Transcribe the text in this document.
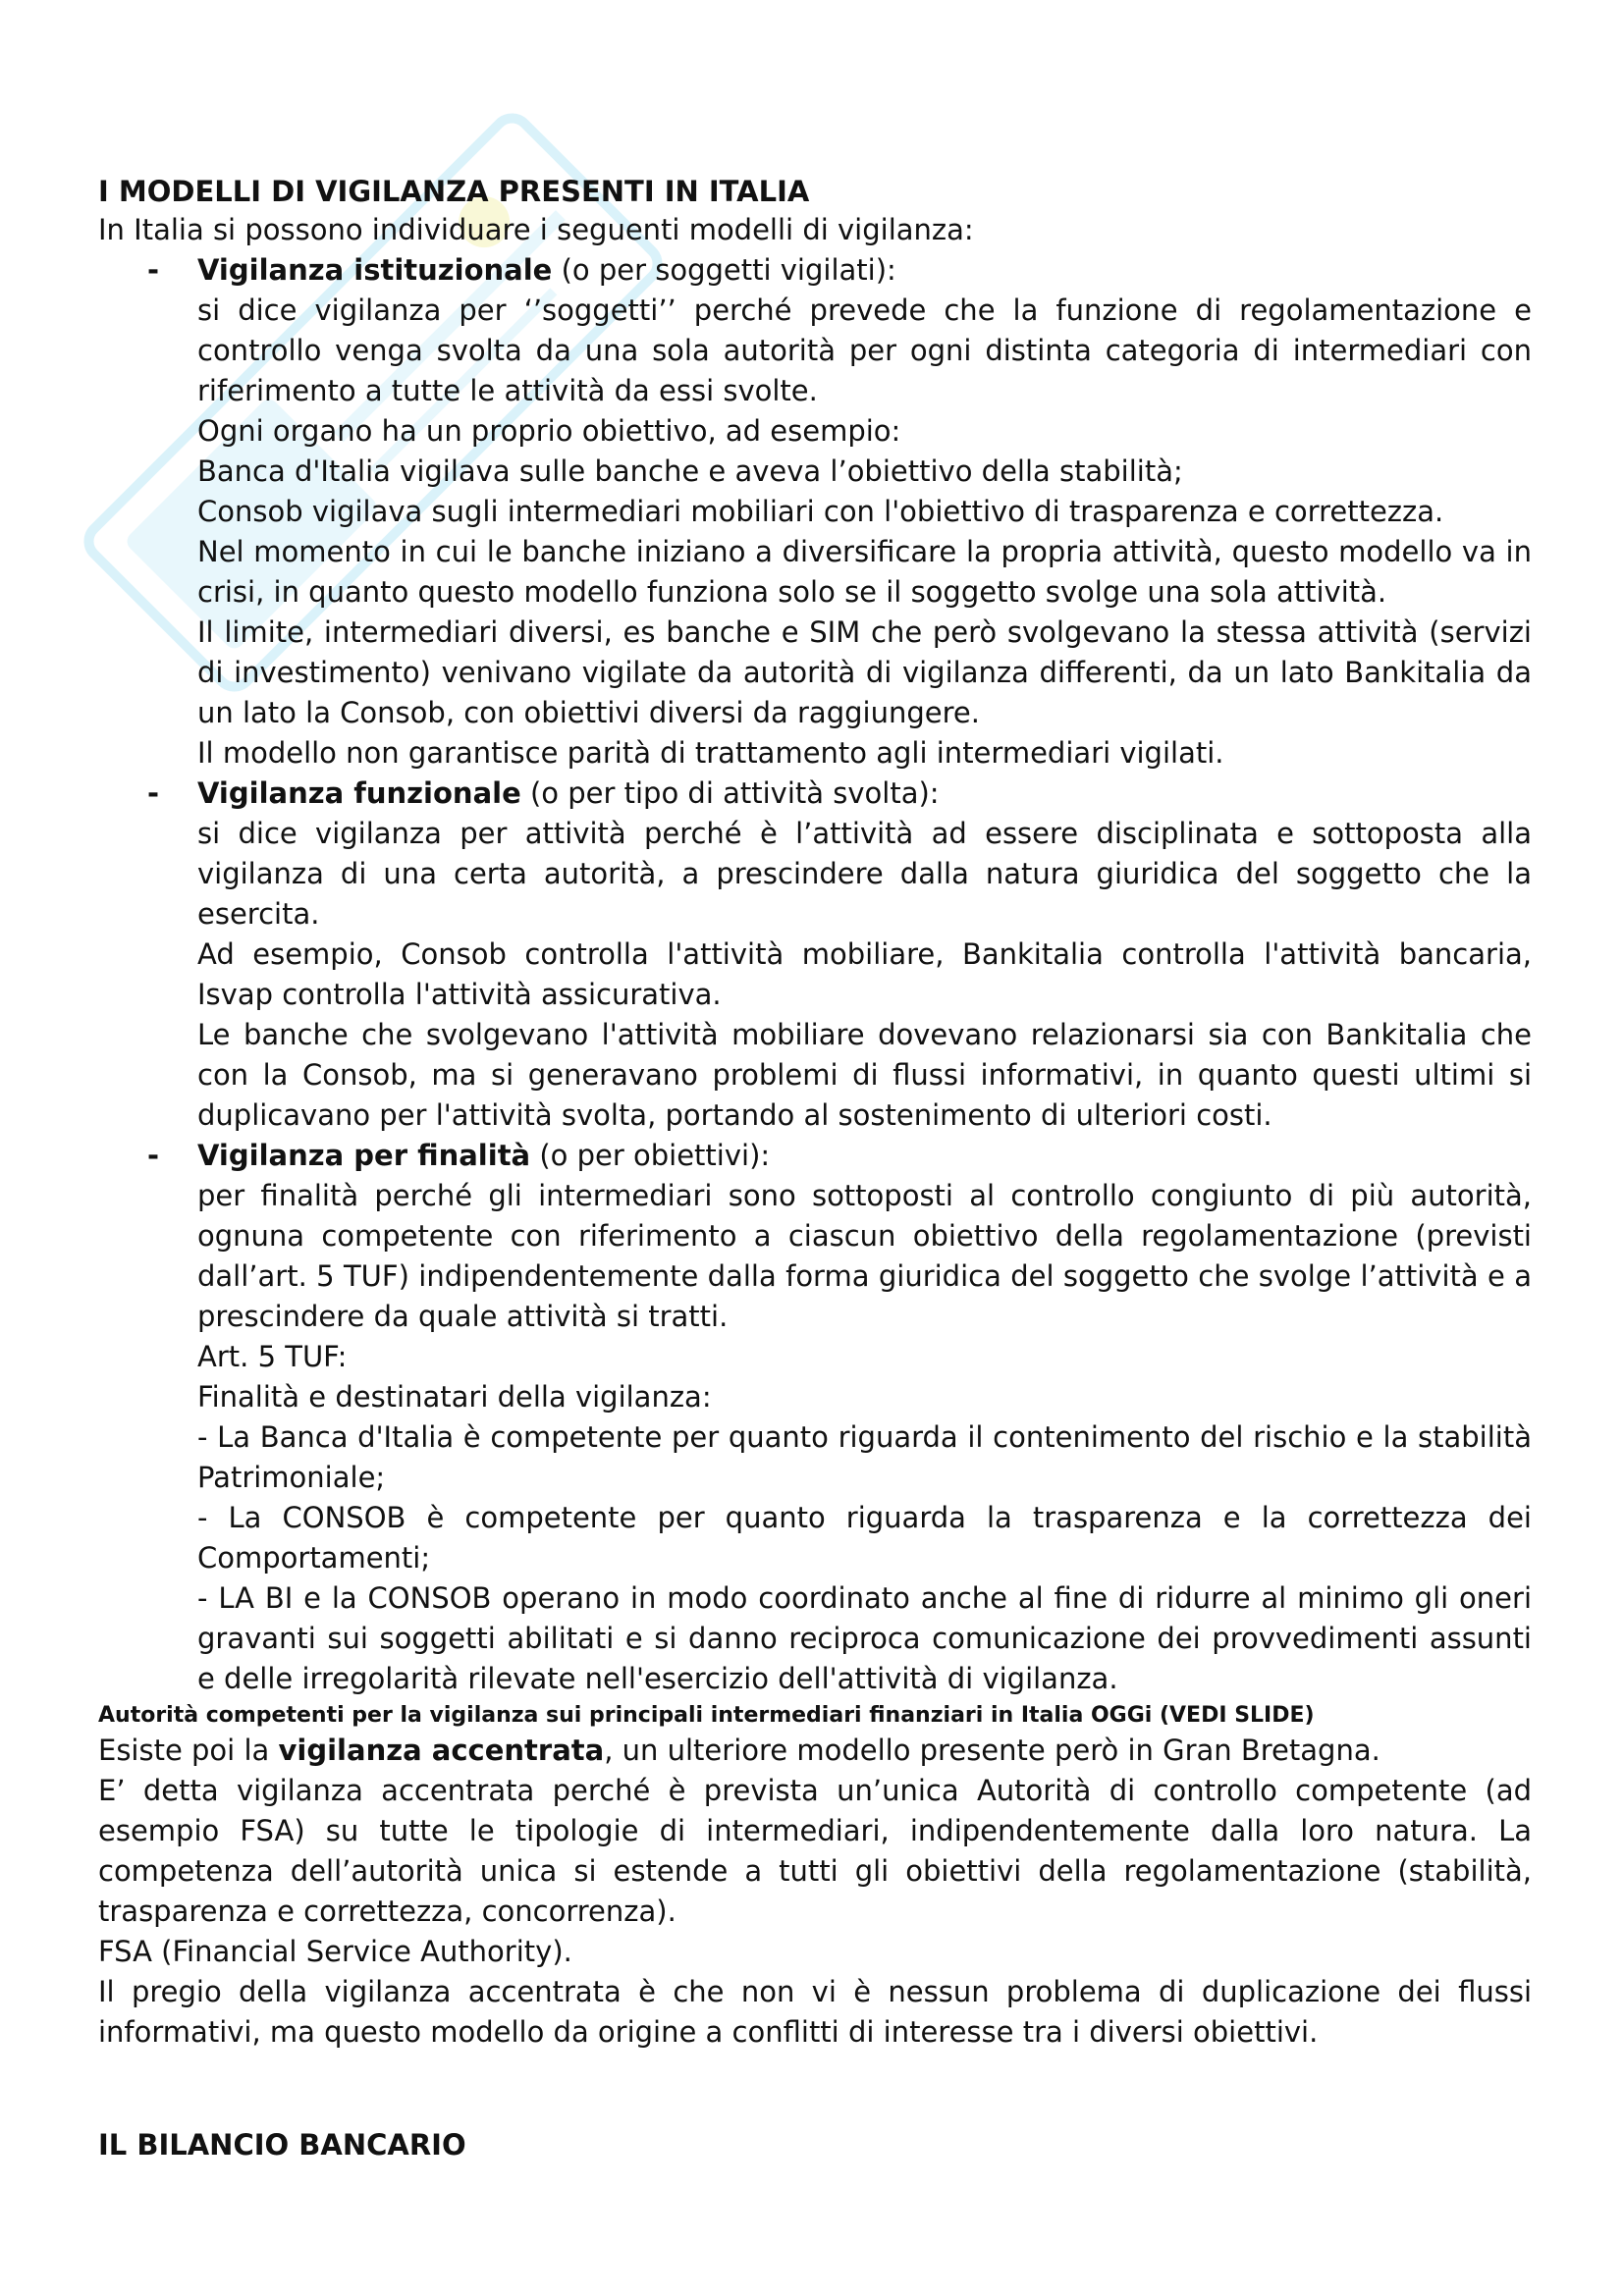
I MODELLI DI VIGILANZA PRESENTI IN ITALIA

In Italia si possono individuare i seguenti modelli di vigilanza:

- Vigilanza istituzionale (o per soggetti vigilati):

si dice vigilanza per ‘’soggetti’’ perché prevede che la funzione di regolamentazione e controllo venga svolta da una sola autorità per ogni distinta categoria di intermediari con riferimento a tutte le attività da essi svolte.

Ogni organo ha un proprio obiettivo, ad esempio:

Banca d'Italia vigilava sulle banche e aveva l’obiettivo della stabilità;

Consob vigilava sugli intermediari mobiliari con l'obiettivo di trasparenza e correttezza.

Nel momento in cui le banche iniziano a diversificare la propria attività, questo modello va in crisi, in quanto questo modello funziona solo se il soggetto svolge una sola attività.

Il limite, intermediari diversi, es banche e SIM che però svolgevano la stessa attività (servizi di investimento) venivano vigilate da autorità di vigilanza differenti, da un lato Bankitalia da un lato la Consob, con obiettivi diversi da raggiungere.

Il modello non garantisce parità di trattamento agli intermediari vigilati.

- Vigilanza funzionale (o per tipo di attività svolta):

si dice vigilanza per attività perché è l’attività ad essere disciplinata e sottoposta alla vigilanza di una certa autorità, a prescindere dalla natura giuridica del soggetto che la esercita.

Ad esempio, Consob controlla l'attività mobiliare, Bankitalia controlla l'attività bancaria, Isvap controlla l'attività assicurativa.

Le banche che svolgevano l'attività mobiliare dovevano relazionarsi sia con Bankitalia che con la Consob, ma si generavano problemi di flussi informativi, in quanto questi ultimi si duplicavano per l'attività svolta, portando al sostenimento di ulteriori costi.

- Vigilanza per finalità (o per obiettivi):

per finalità perché gli intermediari sono sottoposti al controllo congiunto di più autorità, ognuna competente con riferimento a ciascun obiettivo della regolamentazione (previsti dall’art. 5 TUF) indipendentemente dalla forma giuridica del soggetto che svolge l’attività e a prescindere da quale attività si tratti.

Art. 5 TUF:

Finalità e destinatari della vigilanza:

- La Banca d'Italia è competente per quanto riguarda il contenimento del rischio e la stabilità Patrimoniale;

- La CONSOB è competente per quanto riguarda la trasparenza e la correttezza dei Comportamenti;

- LA BI e la CONSOB operano in modo coordinato anche al fine di ridurre al minimo gli oneri gravanti sui soggetti abilitati e si danno reciproca comunicazione dei provvedimenti assunti e delle irregolarità rilevate nell'esercizio dell'attività di vigilanza.

Autorità competenti per la vigilanza sui principali intermediari finanziari in Italia OGGi (VEDI SLIDE)

Esiste poi la vigilanza accentrata, un ulteriore modello presente però in Gran Bretagna.

E’ detta vigilanza accentrata perché è prevista un’unica Autorità di controllo competente (ad esempio FSA) su tutte le tipologie di intermediari, indipendentemente dalla loro natura. La competenza dell’autorità unica si estende a tutti gli obiettivi della regolamentazione (stabilità, trasparenza e correttezza, concorrenza).

FSA (Financial Service Authority).

Il pregio della vigilanza accentrata è che non vi è nessun problema di duplicazione dei flussi informativi, ma questo modello da origine a conflitti di interesse tra i diversi obiettivi.

IL BILANCIO BANCARIO
